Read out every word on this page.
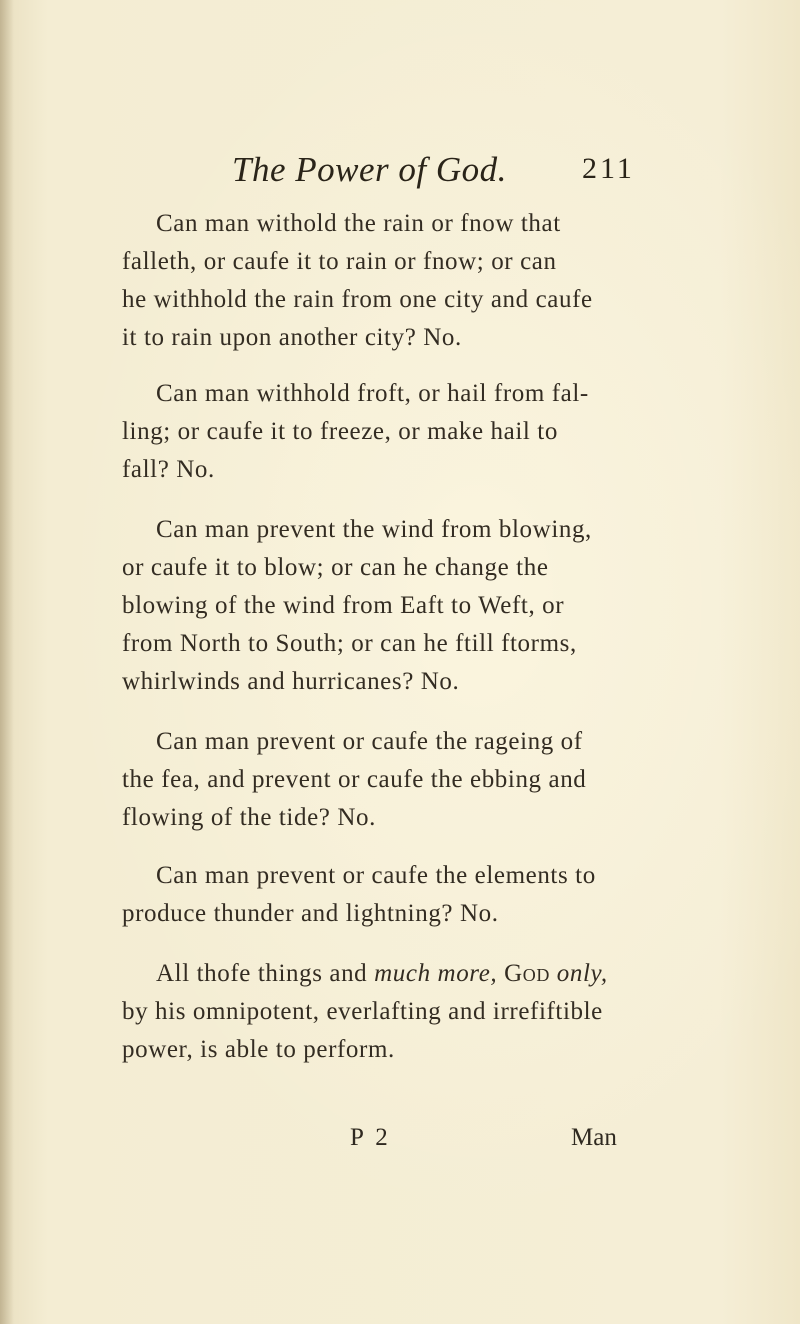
The Power of God.	211

Can man withold the rain or fnow that
falleth, or caufe it to rain or fnow; or can
he withhold the rain from one city and caufe
it to rain upon another city? No.

Can man withhold froft, or hail from fal-
ling; or caufe it to freeze, or make hail to
fall? No.

Can man prevent the wind from blowing,
or caufe it to blow; or can he change the
blowing of the wind from Eaft to Weft, or
from North to South; or can he ftill ftorms,
whirlwinds and hurricanes? No.

Can man prevent or caufe the rageing of
the fea, and prevent or caufe the ebbing and
flowing of the tide? No.

Can man prevent or caufe the elements to
produce thunder and lightning? No.

All thofe things and much more, God only,
by his omnipotent, everlafting and irrefiftible
power, is able to perform.

P 2	Man
